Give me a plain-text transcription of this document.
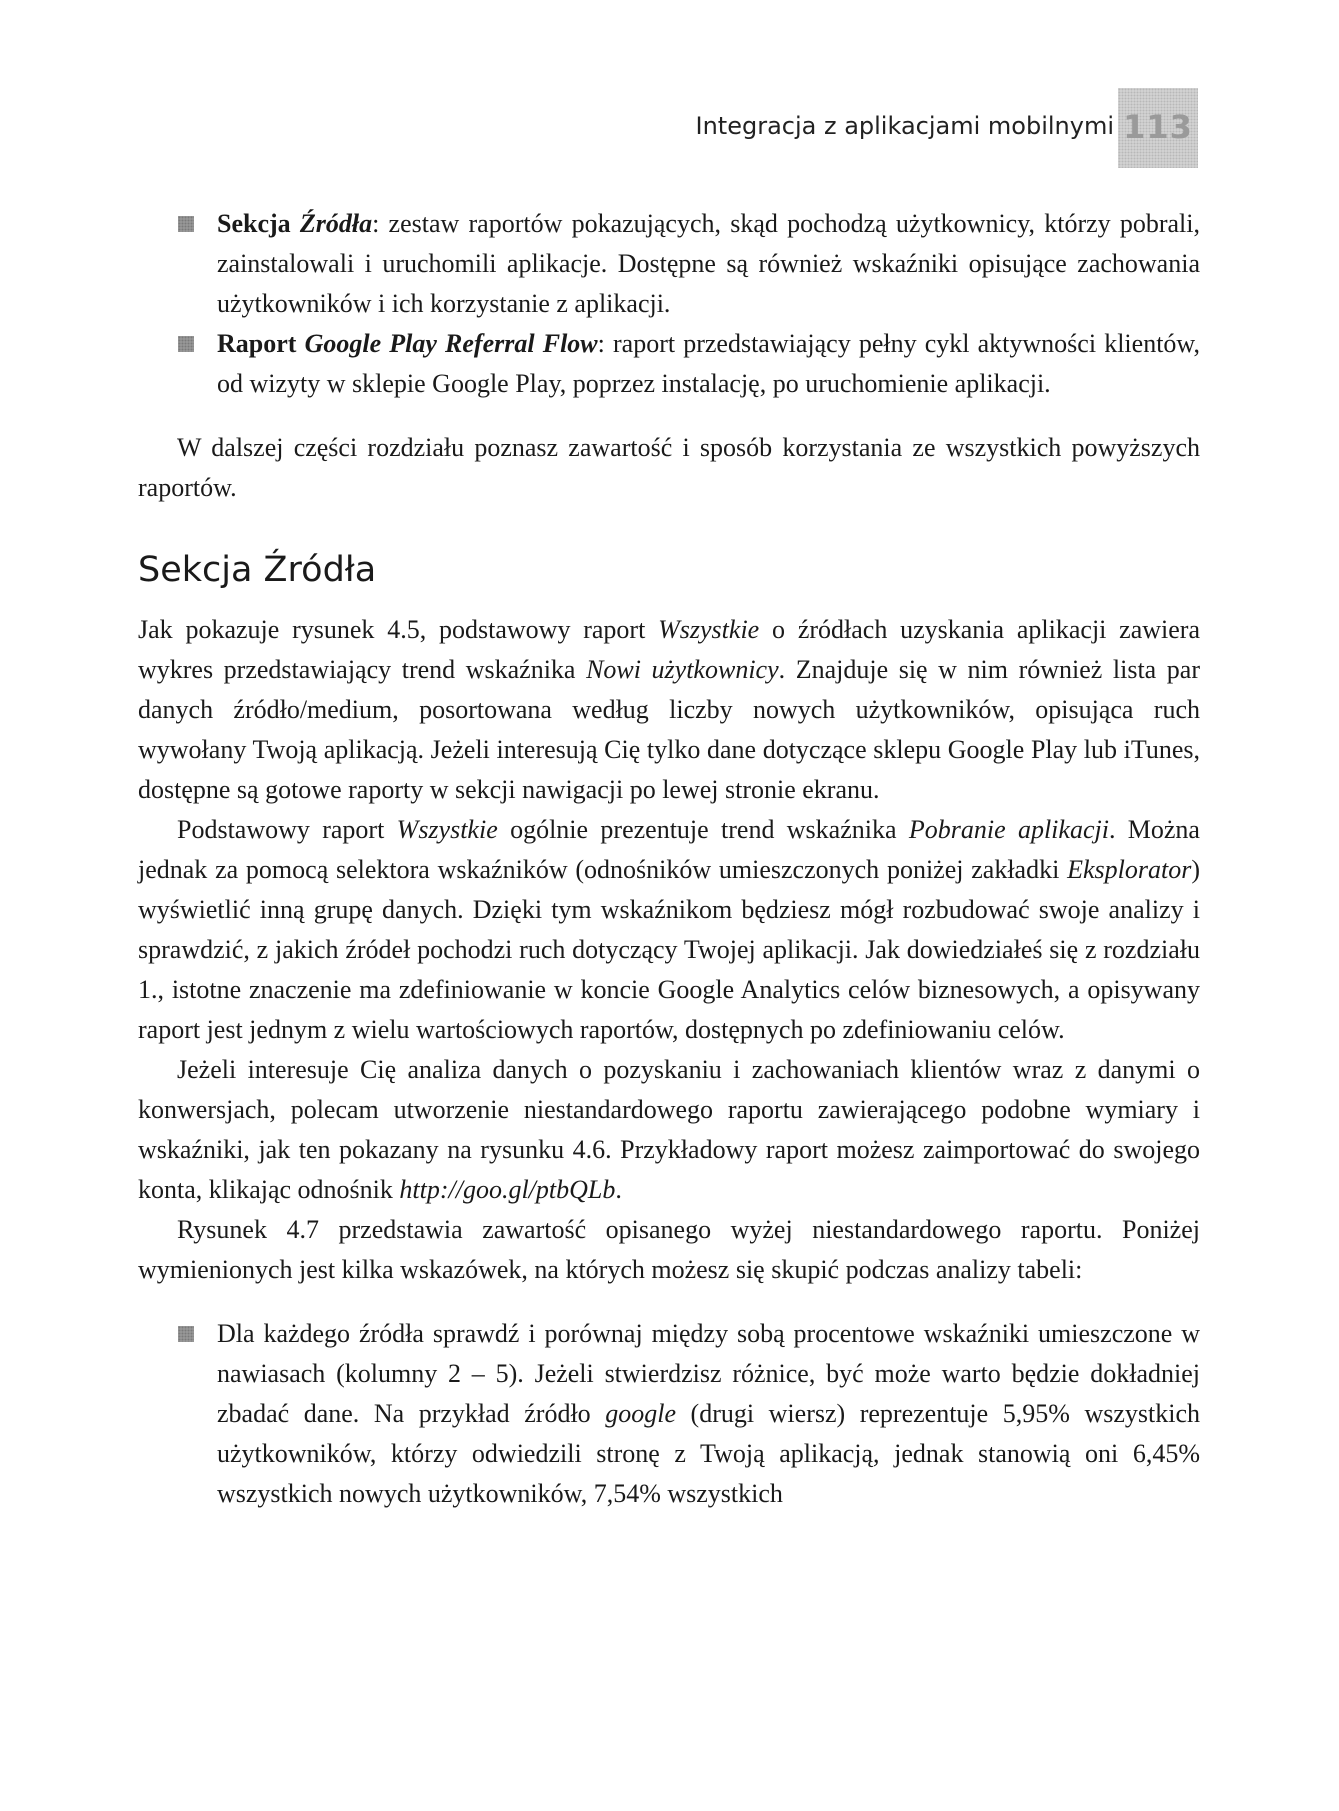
Integracja z aplikacjami mobilnymi 113
Sekcja Źródła: zestaw raportów pokazujących, skąd pochodzą użytkownicy, którzy pobrali, zainstalowali i uruchomili aplikacje. Dostępne są również wskaźniki opisujące zachowania użytkowników i ich korzystanie z aplikacji.
Raport Google Play Referral Flow: raport przedstawiający pełny cykl aktywności klientów, od wizyty w sklepie Google Play, poprzez instalację, po uruchomienie aplikacji.

W dalszej części rozdziału poznasz zawartość i sposób korzystania ze wszystkich powyższych raportów.

Sekcja Źródła

Jak pokazuje rysunek 4.5, podstawowy raport Wszystkie o źródłach uzyskania aplikacji zawiera wykres przedstawiający trend wskaźnika Nowi użytkownicy. Znajduje się w nim również lista par danych źródło/medium, posortowana według liczby nowych użytkowników, opisująca ruch wywołany Twoją aplikacją. Jeżeli interesują Cię tylko dane dotyczące sklepu Google Play lub iTunes, dostępne są gotowe raporty w sekcji nawigacji po lewej stronie ekranu.

Podstawowy raport Wszystkie ogólnie prezentuje trend wskaźnika Pobranie aplikacji. Można jednak za pomocą selektora wskaźników (odnośników umieszczonych poniżej zakładki Eksplorator) wyświetlić inną grupę danych. Dzięki tym wskaźnikom będziesz mógł rozbudować swoje analizy i sprawdzić, z jakich źródeł pochodzi ruch dotyczący Twojej aplikacji. Jak dowiedziałeś się z rozdziału 1., istotne znaczenie ma zdefiniowanie w koncie Google Analytics celów biznesowych, a opisywany raport jest jednym z wielu wartościowych raportów, dostępnych po zdefiniowaniu celów.

Jeżeli interesuje Cię analiza danych o pozyskaniu i zachowaniach klientów wraz z danymi o konwersjach, polecam utworzenie niestandardowego raportu zawierającego podobne wymiary i wskaźniki, jak ten pokazany na rysunku 4.6. Przykładowy raport możesz zaimportować do swojego konta, klikając odnośnik http://goo.gl/ptbQLb.

Rysunek 4.7 przedstawia zawartość opisanego wyżej niestandardowego raportu. Poniżej wymienionych jest kilka wskazówek, na których możesz się skupić podczas analizy tabeli:

Dla każdego źródła sprawdź i porównaj między sobą procentowe wskaźniki umieszczone w nawiasach (kolumny 2 – 5). Jeżeli stwierdzisz różnice, być może warto będzie dokładniej zbadać dane. Na przykład źródło google (drugi wiersz) reprezentuje 5,95% wszystkich użytkowników, którzy odwiedzili stronę z Twoją aplikacją, jednak stanowią oni 6,45% wszystkich nowych użytkowników, 7,54% wszystkich
